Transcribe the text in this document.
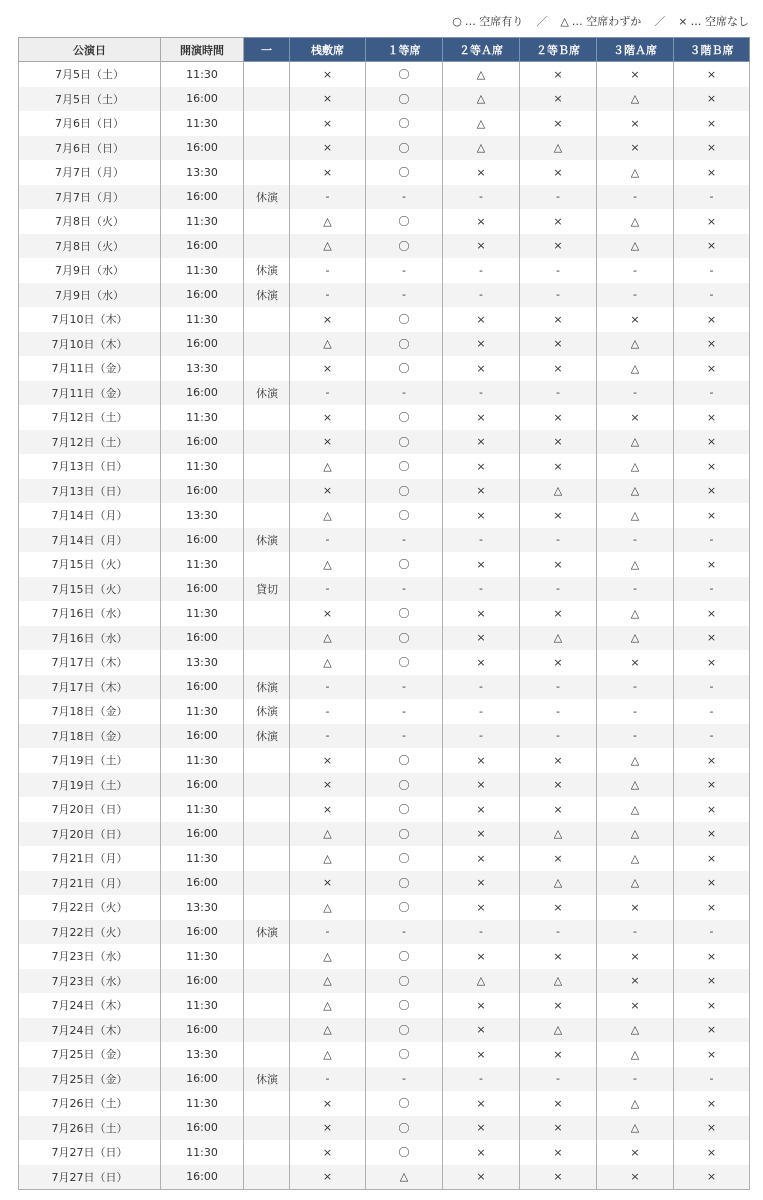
○ … 空席有り ／ △ … 空席わずか ／ × … 空席なし
公演日	開演時間	一	桟敷席	１等席	２等Ａ席	２等Ｂ席	３階Ａ席	３階Ｂ席
7月5日（土）	11:30		×	〇	△	×	×	×
7月5日（土）	16:00		×	〇	△	×	△	×
7月6日（日）	11:30		×	〇	△	×	×	×
7月6日（日）	16:00		×	〇	△	△	×	×
7月7日（月）	13:30		×	〇	×	×	△	×
7月7日（月）	16:00	休演	-	-	-	-	-	-
7月8日（火）	11:30		△	〇	×	×	△	×
7月8日（火）	16:00		△	〇	×	×	△	×
7月9日（水）	11:30	休演	-	-	-	-	-	-
7月9日（水）	16:00	休演	-	-	-	-	-	-
7月10日（木）	11:30		×	〇	×	×	×	×
7月10日（木）	16:00		△	〇	×	×	△	×
7月11日（金）	13:30		×	〇	×	×	△	×
7月11日（金）	16:00	休演	-	-	-	-	-	-
7月12日（土）	11:30		×	〇	×	×	×	×
7月12日（土）	16:00		×	〇	×	×	△	×
7月13日（日）	11:30		△	〇	×	×	△	×
7月13日（日）	16:00		×	〇	×	△	△	×
7月14日（月）	13:30		△	〇	×	×	△	×
7月14日（月）	16:00	休演	-	-	-	-	-	-
7月15日（火）	11:30		△	〇	×	×	△	×
7月15日（火）	16:00	貸切	-	-	-	-	-	-
7月16日（水）	11:30		×	〇	×	×	△	×
7月16日（水）	16:00		△	〇	×	△	△	×
7月17日（木）	13:30		△	〇	×	×	×	×
7月17日（木）	16:00	休演	-	-	-	-	-	-
7月18日（金）	11:30	休演	-	-	-	-	-	-
7月18日（金）	16:00	休演	-	-	-	-	-	-
7月19日（土）	11:30		×	〇	×	×	△	×
7月19日（土）	16:00		×	〇	×	×	△	×
7月20日（日）	11:30		×	〇	×	×	△	×
7月20日（日）	16:00		△	〇	×	△	△	×
7月21日（月）	11:30		△	〇	×	×	△	×
7月21日（月）	16:00		×	〇	×	△	△	×
7月22日（火）	13:30		△	〇	×	×	×	×
7月22日（火）	16:00	休演	-	-	-	-	-	-
7月23日（水）	11:30		△	〇	×	×	×	×
7月23日（水）	16:00		△	〇	△	△	×	×
7月24日（木）	11:30		△	〇	×	×	×	×
7月24日（木）	16:00		△	〇	×	△	△	×
7月25日（金）	13:30		△	〇	×	×	△	×
7月25日（金）	16:00	休演	-	-	-	-	-	-
7月26日（土）	11:30		×	〇	×	×	△	×
7月26日（土）	16:00		×	〇	×	×	△	×
7月27日（日）	11:30		×	〇	×	×	×	×
7月27日（日）	16:00		×	△	×	×	×	×
